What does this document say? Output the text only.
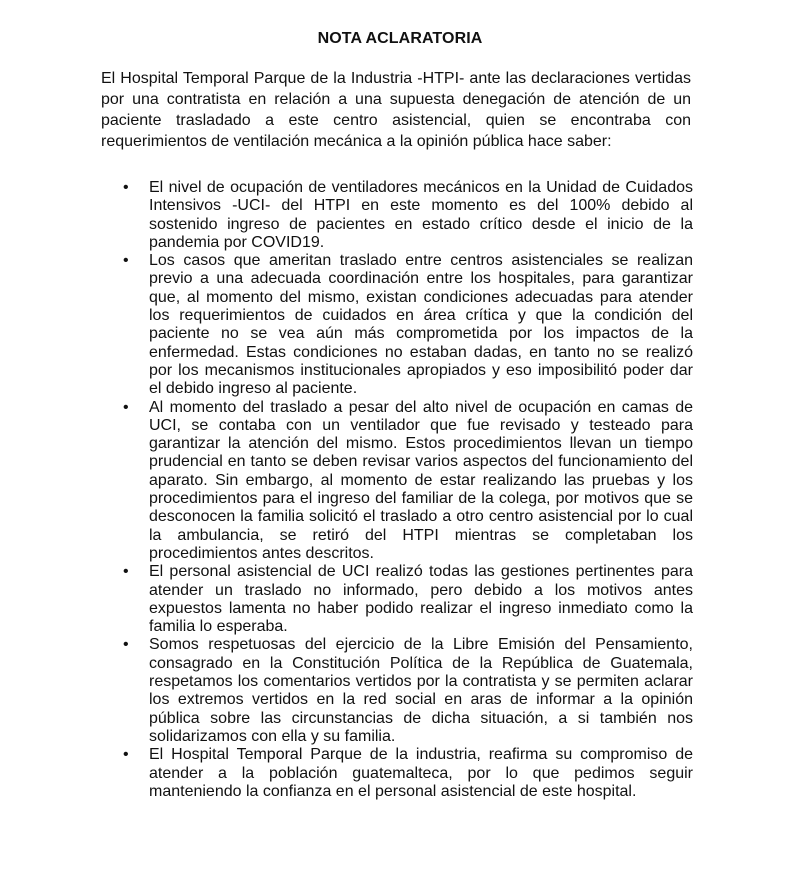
NOTA ACLARATORIA

El Hospital Temporal Parque de la Industria -HTPI- ante las declaraciones vertidas por una contratista en relación a una supuesta denegación de atención de un paciente trasladado a este centro asistencial, quien se encontraba con requerimientos de ventilación mecánica a la opinión pública hace saber:

• El nivel de ocupación de ventiladores mecánicos en la Unidad de Cuidados Intensivos -UCI- del HTPI en este momento es del 100% debido al sostenido ingreso de pacientes en estado crítico desde el inicio de la pandemia por COVID19.
• Los casos que ameritan traslado entre centros asistenciales se realizan previo a una adecuada coordinación entre los hospitales, para garantizar que, al momento del mismo, existan condiciones adecuadas para atender los requerimientos de cuidados en área crítica y que la condición del paciente no se vea aún más comprometida por los impactos de la enfermedad. Estas condiciones no estaban dadas, en tanto no se realizó por los mecanismos institucionales apropiados y eso imposibilitó poder dar el debido ingreso al paciente.
• Al momento del traslado a pesar del alto nivel de ocupación en camas de UCI, se contaba con un ventilador que fue revisado y testeado para garantizar la atención del mismo. Estos procedimientos llevan un tiempo prudencial en tanto se deben revisar varios aspectos del funcionamiento del aparato. Sin embargo, al momento de estar realizando las pruebas y los procedimientos para el ingreso del familiar de la colega, por motivos que se desconocen la familia solicitó el traslado a otro centro asistencial por lo cual la ambulancia, se retiró del HTPI mientras se completaban los procedimientos antes descritos.
• El personal asistencial de UCI realizó todas las gestiones pertinentes para atender un traslado no informado, pero debido a los motivos antes expuestos lamenta no haber podido realizar el ingreso inmediato como la familia lo esperaba.
• Somos respetuosas del ejercicio de la Libre Emisión del Pensamiento, consagrado en la Constitución Política de la República de Guatemala, respetamos los comentarios vertidos por la contratista y se permiten aclarar los extremos vertidos en la red social en aras de informar a la opinión pública sobre las circunstancias de dicha situación, a si también nos solidarizamos con ella y su familia.
• El Hospital Temporal Parque de la industria, reafirma su compromiso de atender a la población guatemalteca, por lo que pedimos seguir manteniendo la confianza en el personal asistencial de este hospital.
